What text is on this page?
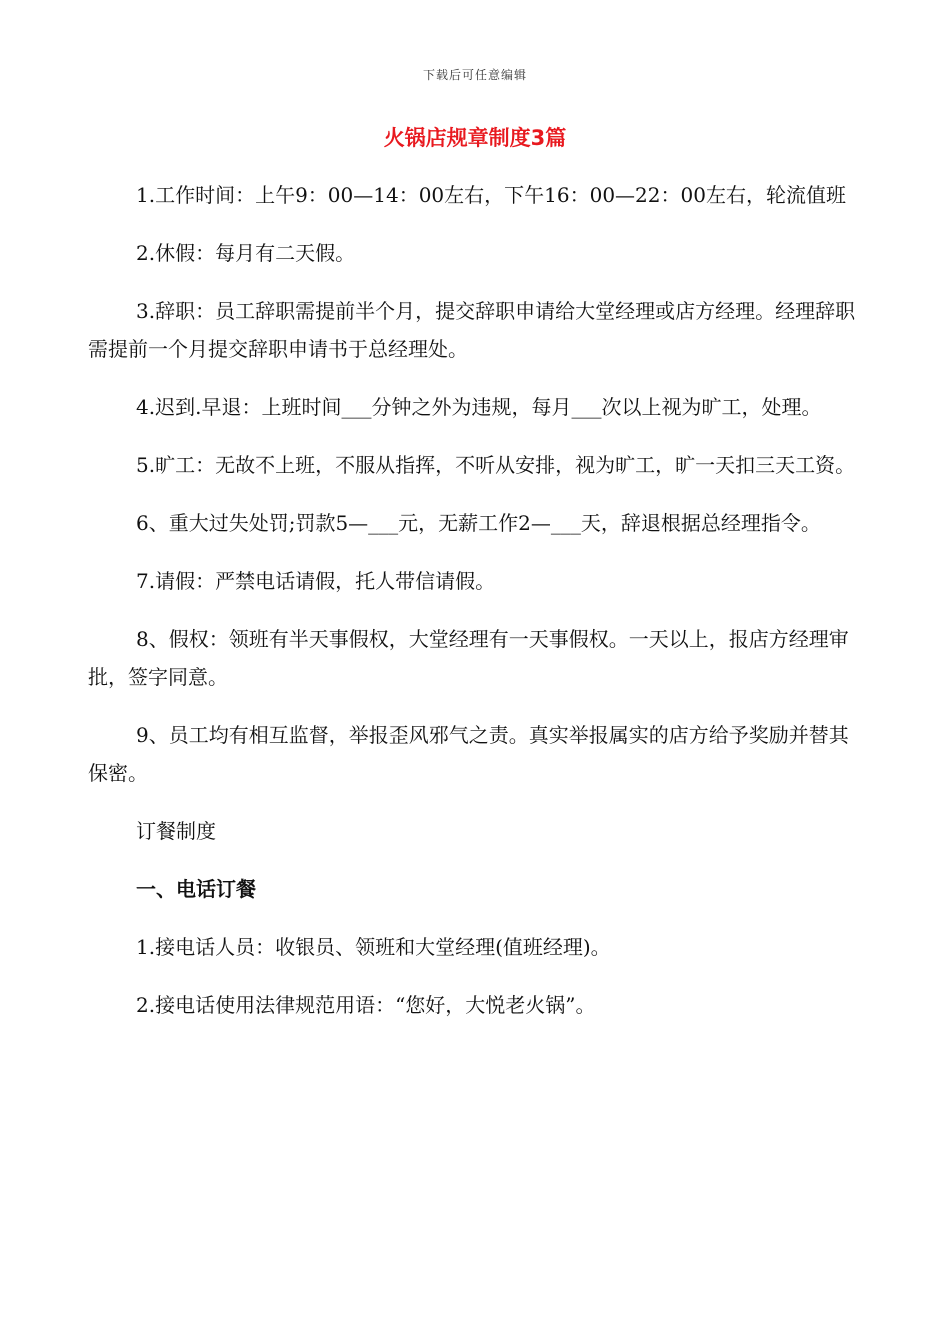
下载后可任意编辑
火锅店规章制度3篇

1.工作时间：上午9：00—14：00左右，下午16：00—22：00左右，轮流值班

2.休假：每月有二天假。

3.辞职：员工辞职需提前半个月，提交辞职申请给大堂经理或店方经理。经理辞职需提前一个月提交辞职申请书于总经理处。

4.迟到.早退：上班时间___分钟之外为违规，每月___次以上视为旷工，处理。

5.旷工：无故不上班，不服从指挥，不听从安排，视为旷工，旷一天扣三天工资。

6、重大过失处罚;罚款5—___元，无薪工作2—___天，辞退根据总经理指令。

7.请假：严禁电话请假，托人带信请假。

8、假权：领班有半天事假权，大堂经理有一天事假权。一天以上，报店方经理审批，签字同意。

9、员工均有相互监督，举报歪风邪气之责。真实举报属实的店方给予奖励并替其保密。

订餐制度

一、电话订餐

1.接电话人员：收银员、领班和大堂经理(值班经理)。

2.接电话使用法律规范用语：“您好，大悦老火锅”。
